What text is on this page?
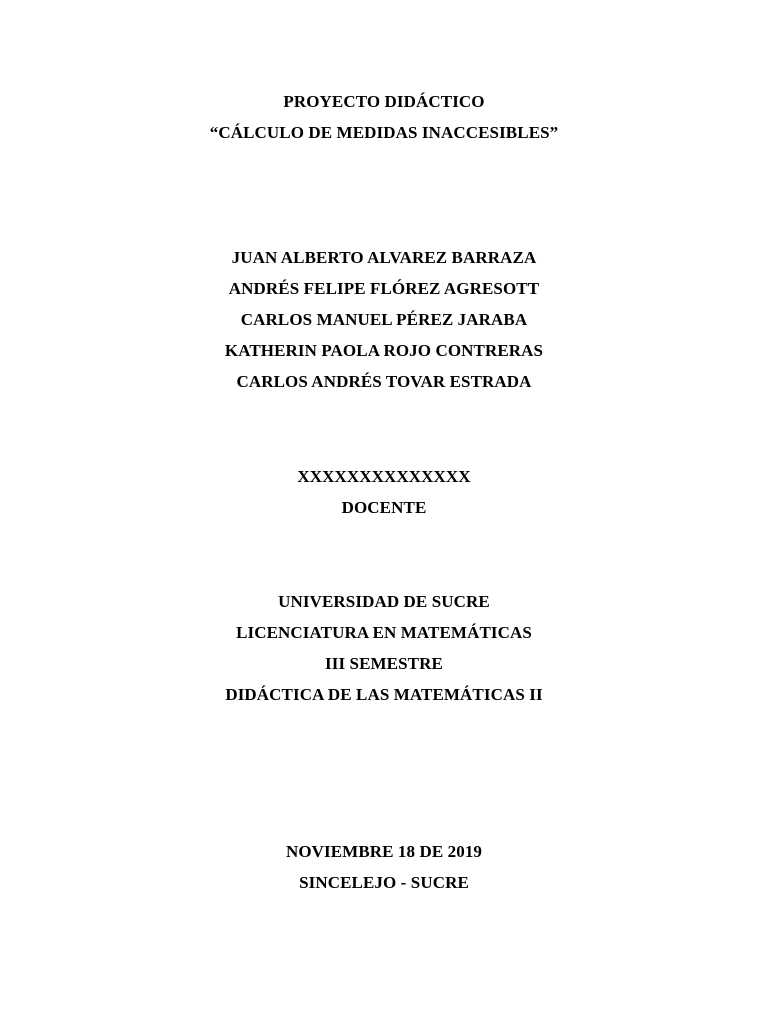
PROYECTO DIDÁCTICO
“CÁLCULO DE MEDIDAS INACCESIBLES”
JUAN ALBERTO ALVAREZ BARRAZA
ANDRÉS FELIPE FLÓREZ AGRESOTT
CARLOS MANUEL PÉREZ JARABA
KATHERIN PAOLA ROJO CONTRERAS
CARLOS ANDRÉS TOVAR ESTRADA
XXXXXXXXXXXXXX
DOCENTE
UNIVERSIDAD DE SUCRE
LICENCIATURA EN MATEMÁTICAS
III SEMESTRE
DIDÁCTICA DE LAS MATEMÁTICAS II
NOVIEMBRE 18 DE 2019
SINCELEJO - SUCRE
